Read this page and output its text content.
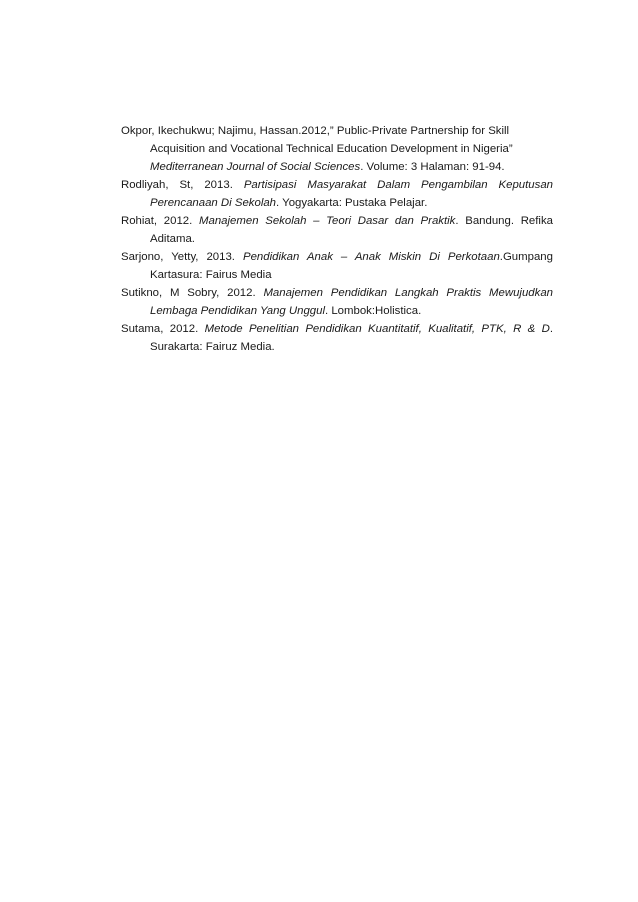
Okpor, Ikechukwu; Najimu, Hassan.2012,” Public-Private Partnership for Skill Acquisition and Vocational Technical Education Development in Nigeria” Mediterranean Journal of Social Sciences. Volume: 3 Halaman: 91-94.
Rodliyah, St, 2013. Partisipasi Masyarakat Dalam Pengambilan Keputusan Perencanaan Di Sekolah. Yogyakarta: Pustaka Pelajar.
Rohiat, 2012. Manajemen Sekolah – Teori Dasar dan Praktik. Bandung. Refika Aditama.
Sarjono, Yetty, 2013. Pendidikan Anak – Anak Miskin Di Perkotaan.Gumpang Kartasura: Fairus Media
Sutikno, M Sobry, 2012. Manajemen Pendidikan Langkah Praktis Mewujudkan Lembaga Pendidikan Yang Unggul. Lombok:Holistica.
Sutama, 2012. Metode Penelitian Pendidikan Kuantitatif, Kualitatif, PTK, R & D. Surakarta: Fairuz Media.
